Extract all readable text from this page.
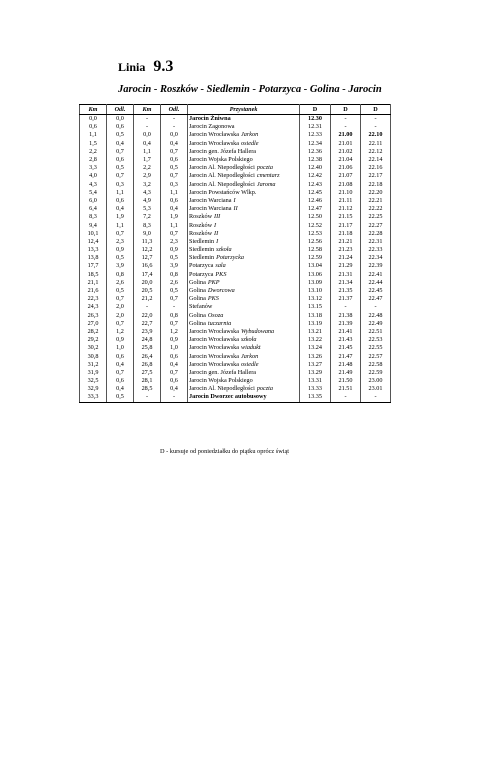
Linia 9.3
Jarocin - Roszków - Siedlemin - Potarzyca - Golina - Jarocin
Km	Odl.	Km	Odl.	Przystanek	D	D	D
0,0	0,0	-	-	Jarocin Żniwna	12.30	-	-
0,6	0,6	-	-	Jarocin Zagonowa	12.31	-	-
1,1	0,5	0,0	0,0	Jarocin Wrocławska Jarkon	12.33	21.00	22.10
1,5	0,4	0,4	0,4	Jarocin Wrocławska osiedle	12.34	21.01	22.11
2,2	0,7	1,1	0,7	Jarocin gen. Józefa Hallera	12.36	21.02	22.12
2,8	0,6	1,7	0,6	Jarocin Wojska Polskiego	12.38	21.04	22.14
3,3	0,5	2,2	0,5	Jarocin Al. Niepodległości poczta	12.40	21.06	22.16
4,0	0,7	2,9	0,7	Jarocin Al. Niepodległości cmentarz	12.42	21.07	22.17
4,3	0,3	3,2	0,3	Jarocin Al. Niepodległości Jaroma	12.43	21.08	22.18
5,4	1,1	4,3	1,1	Jarocin Powstańców Wlkp.	12.45	21.10	22.20
6,0	0,6	4,9	0,6	Jarocin Warciana I	12.46	21.11	22.21
6,4	0,4	5,3	0,4	Jarocin Warciana II	12.47	21.12	22.22
8,3	1,9	7,2	1,9	Roszków III	12.50	21.15	22.25
9,4	1,1	8,3	1,1	Roszków I	12.52	21.17	22.27
10,1	0,7	9,0	0,7	Roszków II	12.53	21.18	22.28
12,4	2,3	11,3	2,3	Siedlemin I	12.56	21.21	22.31
13,3	0,9	12,2	0,9	Siedlemin szkoła	12.58	21.23	22.33
13,8	0,5	12,7	0,5	Siedlemin Potarzycka	12.59	21.24	22.34
17,7	3,9	16,6	3,9	Potarzyca sala	13.04	21.29	22.39
18,5	0,8	17,4	0,8	Potarzyca PKS	13.06	21.31	22.41
21,1	2,6	20,0	2,6	Golina PKP	13.09	21.34	22.44
21,6	0,5	20,5	0,5	Golina Dworcowa	13.10	21.35	22.45
22,3	0,7	21,2	0,7	Golina PKS	13.12	21.37	22.47
24,3	2,0	-	-	Stefanów	13.15	-	-
26,3	2,0	22,0	0,8	Golina Osoza	13.18	21.38	22.48
27,0	0,7	22,7	0,7	Golina tuczarnia	13.19	21.39	22.49
28,2	1,2	23,9	1,2	Jarocin Wrocławska Wybudowana	13.21	21.41	22.51
29,2	0,9	24,8	0,9	Jarocin Wrocławska szkoła	13.22	21.43	22.53
30,2	1,0	25,8	1,0	Jarocin Wrocławska wiadukt	13.24	21.45	22.55
30,8	0,6	26,4	0,6	Jarocin Wrocławska Jarkon	13.26	21.47	22.57
31,2	0,4	26,8	0,4	Jarocin Wrocławska osiedle	13.27	21.48	22.58
31,9	0,7	27,5	0,7	Jarocin gen. Józefa Hallera	13.29	21.49	22.59
32,5	0,6	28,1	0,6	Jarocin Wojska Polskiego	13.31	21.50	23.00
32,9	0,4	28,5	0,4	Jarocin Al. Niepodległości poczta	13.33	21.51	23.01
33,3	0,5	-	-	Jarocin Dworzec autobusowy	13.35	-	-
D - kursuje od poniedziałku do piątku oprócz świąt
